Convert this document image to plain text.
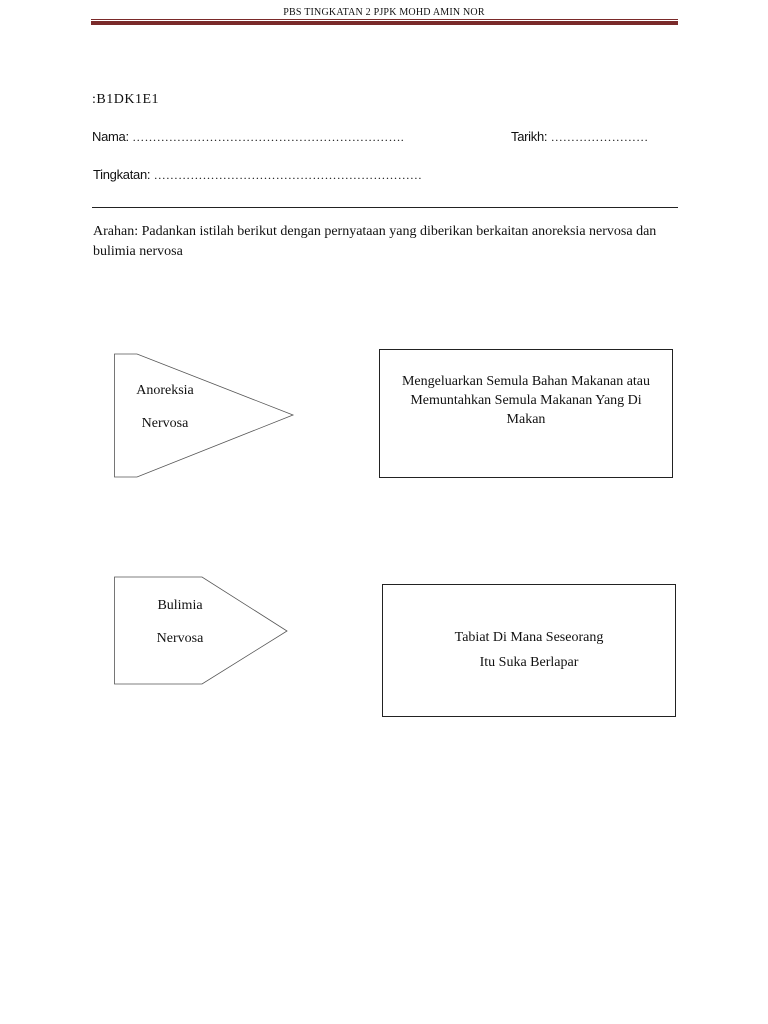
PBS TINGKATAN 2 PJPK MOHD AMIN NOR
:B1DK1E1
Nama: ………………………………………………………….	Tarikh: ……………………
Tingkatan: …………………………………………………………
Arahan: Padankan istilah berikut dengan pernyataan yang diberikan berkaitan anoreksia nervosa dan bulimia nervosa
Anoreksia
Nervosa
Mengeluarkan Semula Bahan Makanan atau Memuntahkan Semula Makanan Yang Di Makan
Bulimia
Nervosa	Tabiat Di Mana Seseorang
Itu Suka Berlapar
